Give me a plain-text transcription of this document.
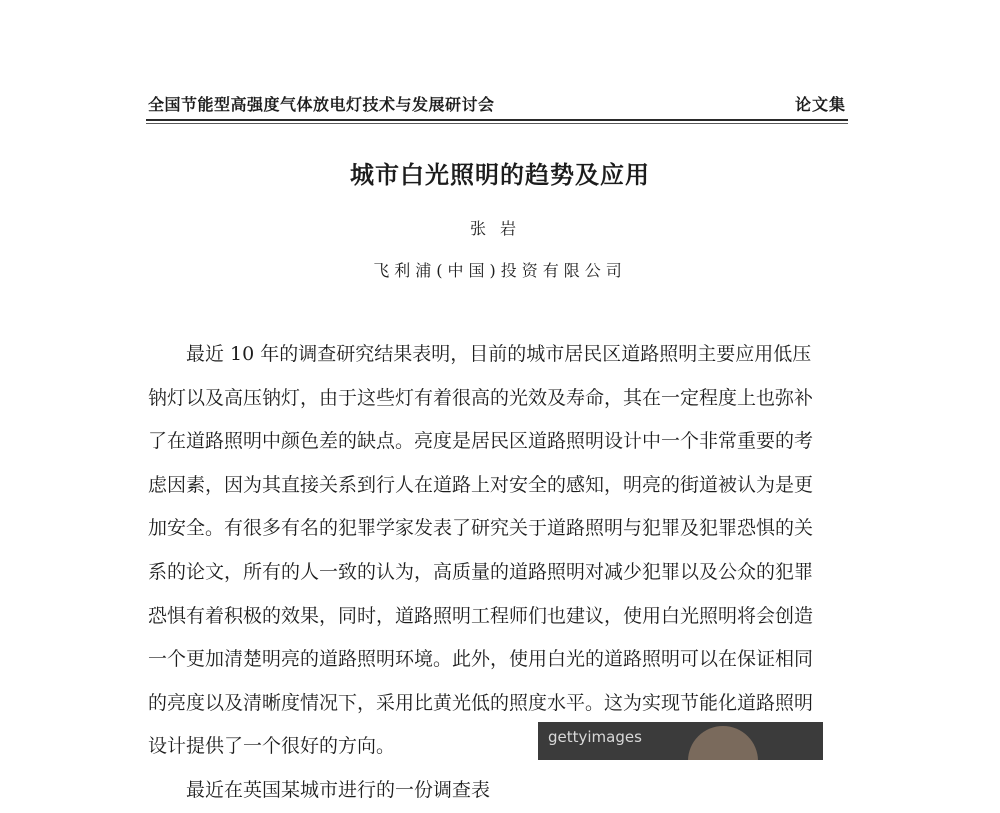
全国节能型高强度气体放电灯技术与发展研讨会	论文集
城市白光照明的趋势及应用
张岩
飞利浦(中国)投资有限公司
最近 10 年的调查研究结果表明，目前的城市居民区道路照明主要应用低压
钠灯以及高压钠灯，由于这些灯有着很高的光效及寿命，其在一定程度上也弥补
了在道路照明中颜色差的缺点。亮度是居民区道路照明设计中一个非常重要的考
虑因素，因为其直接关系到行人在道路上对安全的感知，明亮的街道被认为是更
加安全。有很多有名的犯罪学家发表了研究关于道路照明与犯罪及犯罪恐惧的关
系的论文，所有的人一致的认为，高质量的道路照明对减少犯罪以及公众的犯罪
恐惧有着积极的效果，同时，道路照明工程师们也建议，使用白光照明将会创造
一个更加清楚明亮的道路照明环境。此外，使用白光的道路照明可以在保证相同
的亮度以及清晰度情况下，采用比黄光低的照度水平。这为实现节能化道路照明
设计提供了一个很好的方向。
最近在英国某城市进行的一份调查表
gettyimages
